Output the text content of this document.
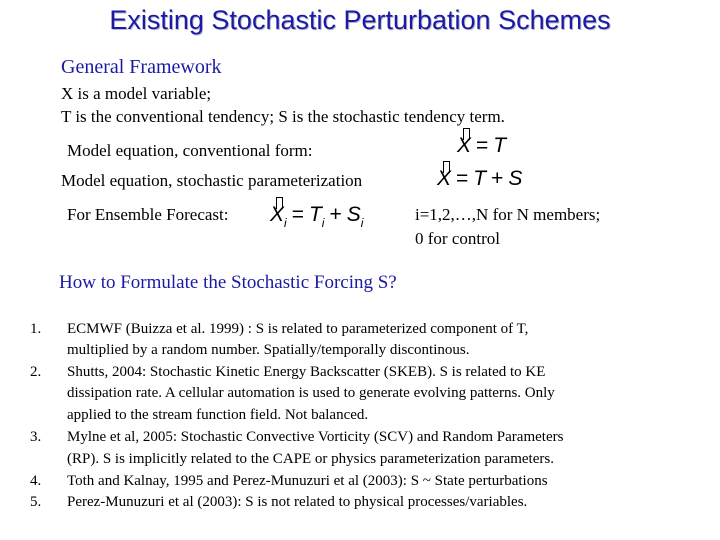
Existing Stochastic Perturbation Schemes
General Framework
X is a model variable;
T is the conventional tendency; S is the stochastic tendency term.
Model equation, conventional form:	X = T
Model equation, stochastic parameterization	X = T + S
For Ensemble Forecast: $X_i = T_i + S_i$	i=1,2,…,N for N members;
0 for control
How to Formulate the Stochastic Forcing S?
1. ECMWF (Buizza et al. 1999) : S is related to parameterized component of T,
multiplied by a random number. Spatially/temporally discontinous.
2. Shutts, 2004: Stochastic Kinetic Energy Backscatter (SKEB). S is related to KE
dissipation rate. A cellular automation is used to generate evolving patterns. Only
applied to the stream function field. Not balanced.
3. Mylne et al, 2005: Stochastic Convective Vorticity (SCV) and Random Parameters
(RP). S is implicitly related to the CAPE or physics parameterization parameters.
4. Toth and Kalnay, 1995 and Perez-Munuzuri et al (2003): S ~ State perturbations
5. Perez-Munuzuri et al (2003): S is not related to physical processes/variables.
